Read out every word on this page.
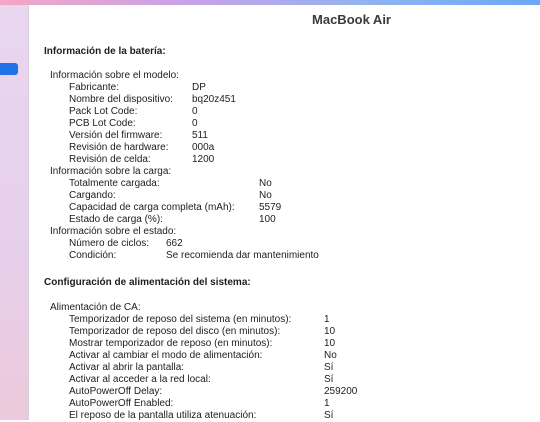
MacBook Air
Información de la batería:
Información sobre el modelo:
Fabricante:	DP
Nombre del dispositivo: bq20z451
Pack Lot Code:	0
PCB Lot Code:	0
Versión del firmware:	511
Revisión de hardware: 000a
Revisión de celda:	1200
Información sobre la carga:
Totalmente cargada:	No
Cargando:	No
Capacidad de carga completa (mAh): 5579
Estado de carga (%):	100
Información sobre el estado:
Número de ciclos: 662
Condición:	Se recomienda dar mantenimiento
Configuración de alimentación del sistema:
Alimentación de CA:
Temporizador de reposo del sistema (en minutos):	1
Temporizador de reposo del disco (en minutos):	10
Mostrar temporizador de reposo (en minutos):	10
Activar al cambiar el modo de alimentación:	No
Activar al abrir la pantalla:	Sí
Activar al acceder a la red local:	Sí
AutoPowerOff Delay:	259200
AutoPowerOff Enabled:	1
El reposo de la pantalla utiliza atenuación:	Sí
